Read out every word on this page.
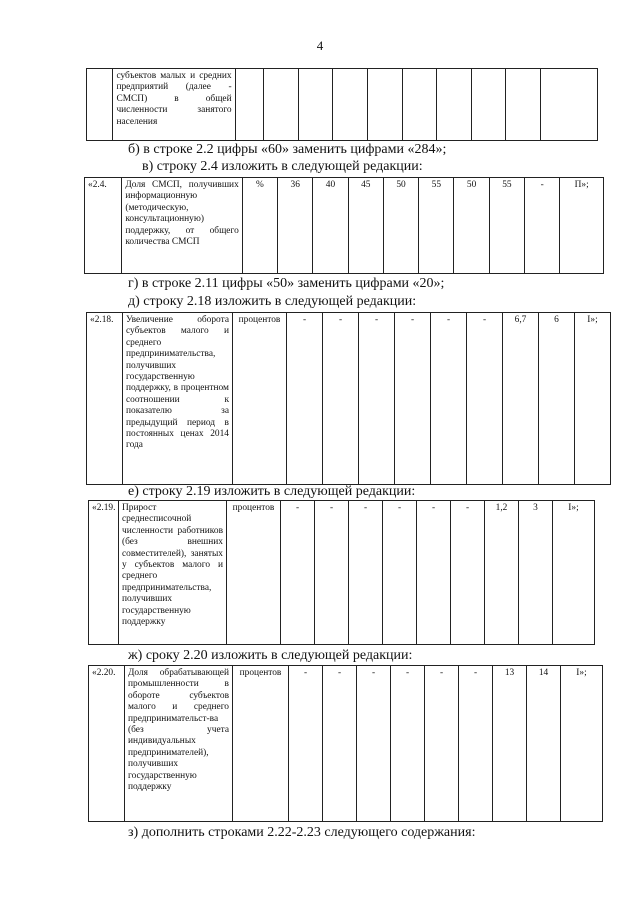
4
	субъектов малых и средних предприятий (далее - СМСП) в общей численности занятого населения										
б) в строке 2.2 цифры «60» заменить цифрами «284»;
в) строку 2.4 изложить в следующей редакции:
«2.4.	Доля СМСП, получивших информационную (методическую, консультационную) поддержку, от общего количества СМСП	%	36	40	45	50	55	50	55	-	П»;
г) в строке 2.11 цифры «50» заменить цифрами «20»;
д) строку 2.18 изложить в следующей редакции:
«2.18.	Увеличение оборота субъектов малого и среднего предпринимательства, получивших государственную поддержку, в процентном соотношении к показателю за предыдущий период в постоянных ценах 2014 года	процентов	-	-	-	-	-	-	6,7	6	I»;
е) строку 2.19 изложить в следующей редакции:
«2.19.	Прирост среднесписочной численности работников (без внешних совместителей), занятых у субъектов малого и среднего предпринимательства, получивших государственную поддержку	процентов	-	-	-	-	-	-	1,2	3	I»;
ж) сроку 2.20 изложить в следующей редакции:
«2.20.	Доля обрабатывающей промышленности в обороте субъектов малого и среднего предпринимательст-ва (без учета индивидуальных предпринимателей), получивших государственную поддержку	процентов	-	-	-	-	-	-	13	14	I»;
з) дополнить строками 2.22-2.23 следующего содержания:
